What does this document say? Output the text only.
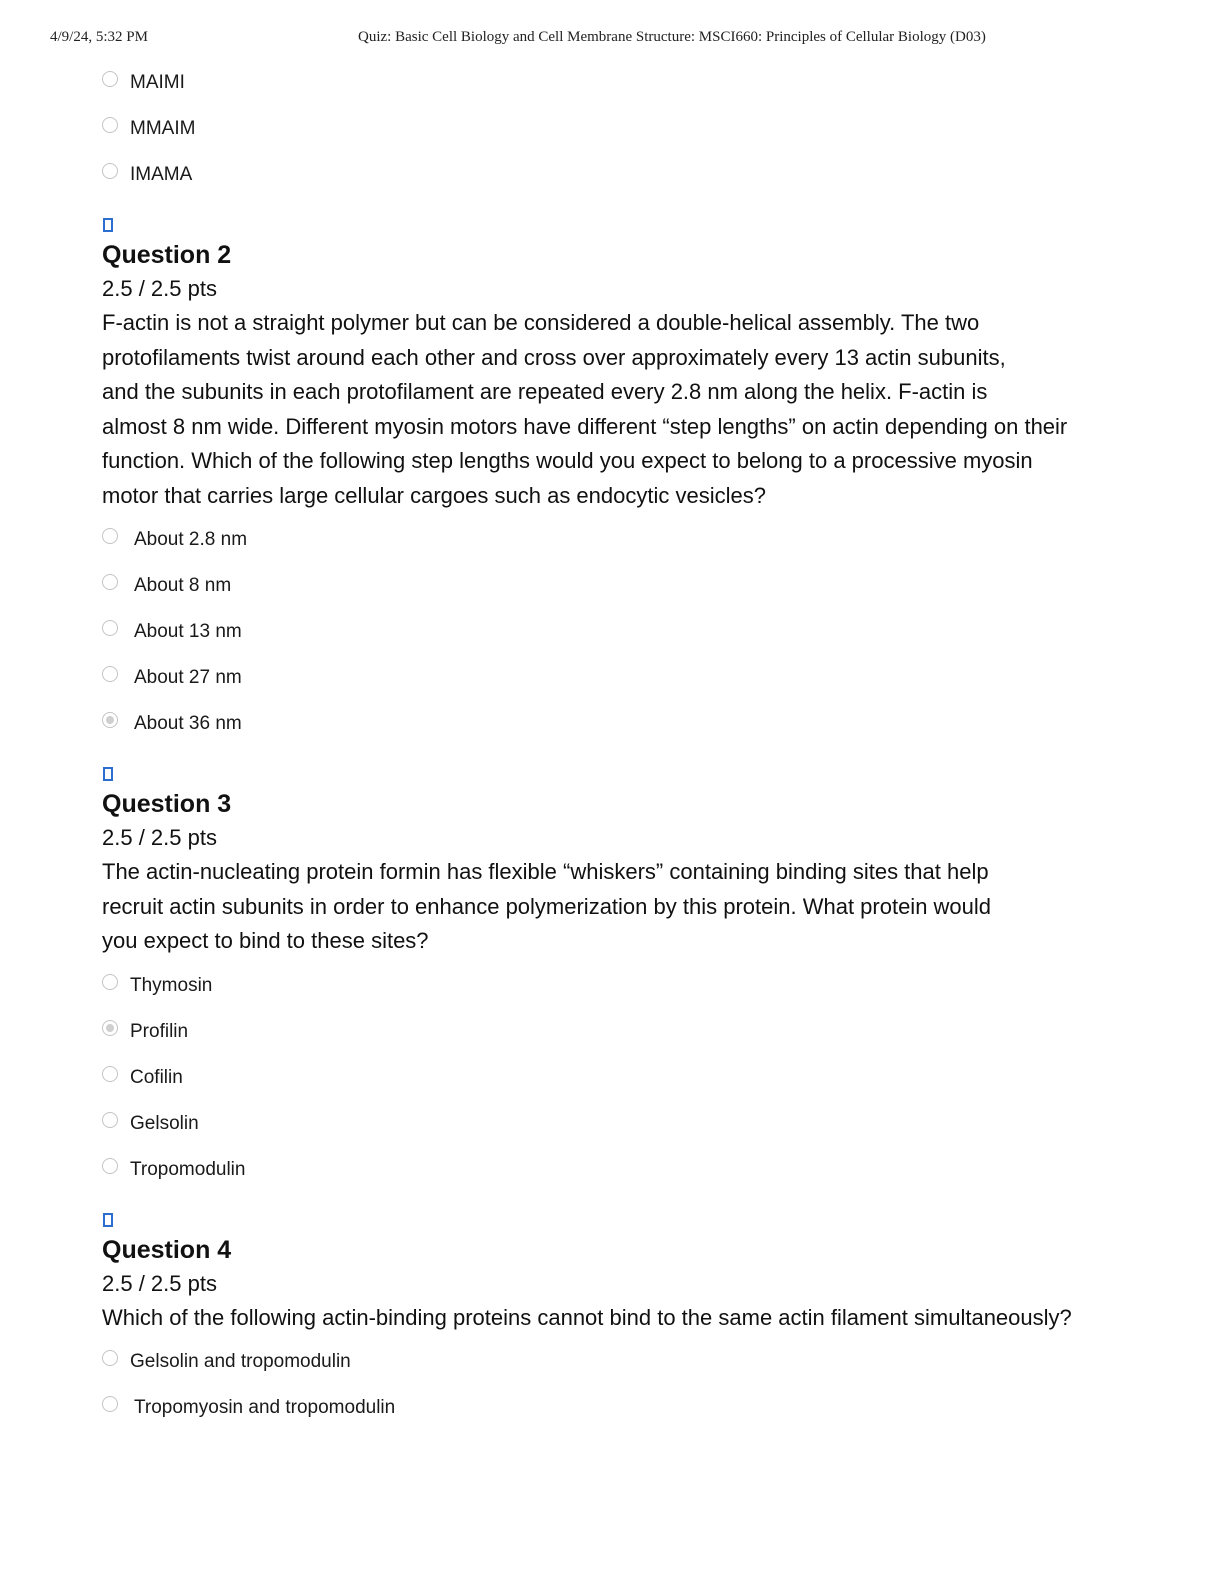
4/9/24, 5:32 PM	Quiz: Basic Cell Biology and Cell Membrane Structure: MSCI660: Principles of Cellular Biology (D03)
MAIMI
MMAIM
IMAMA
Question 2
2.5 / 2.5 pts
F-actin is not a straight polymer but can be considered a double-helical assembly. The two
protofilaments twist around each other and cross over approximately every 13 actin subunits,
and the subunits in each protofilament are repeated every 2.8 nm along the helix. F-actin is
almost 8 nm wide. Different myosin motors have different “step lengths” on actin depending on their
function. Which of the following step lengths would you expect to belong to a processive myosin
motor that carries large cellular cargoes such as endocytic vesicles?
About 2.8 nm
About 8 nm
About 13 nm
About 27 nm
About 36 nm
Question 3
2.5 / 2.5 pts
The actin-nucleating protein formin has flexible “whiskers” containing binding sites that help
recruit actin subunits in order to enhance polymerization by this protein. What protein would
you expect to bind to these sites?
Thymosin
Profilin
Cofilin
Gelsolin
Tropomodulin
Question 4
2.5 / 2.5 pts
Which of the following actin-binding proteins cannot bind to the same actin filament simultaneously?
Gelsolin and tropomodulin
Tropomyosin and tropomodulin
